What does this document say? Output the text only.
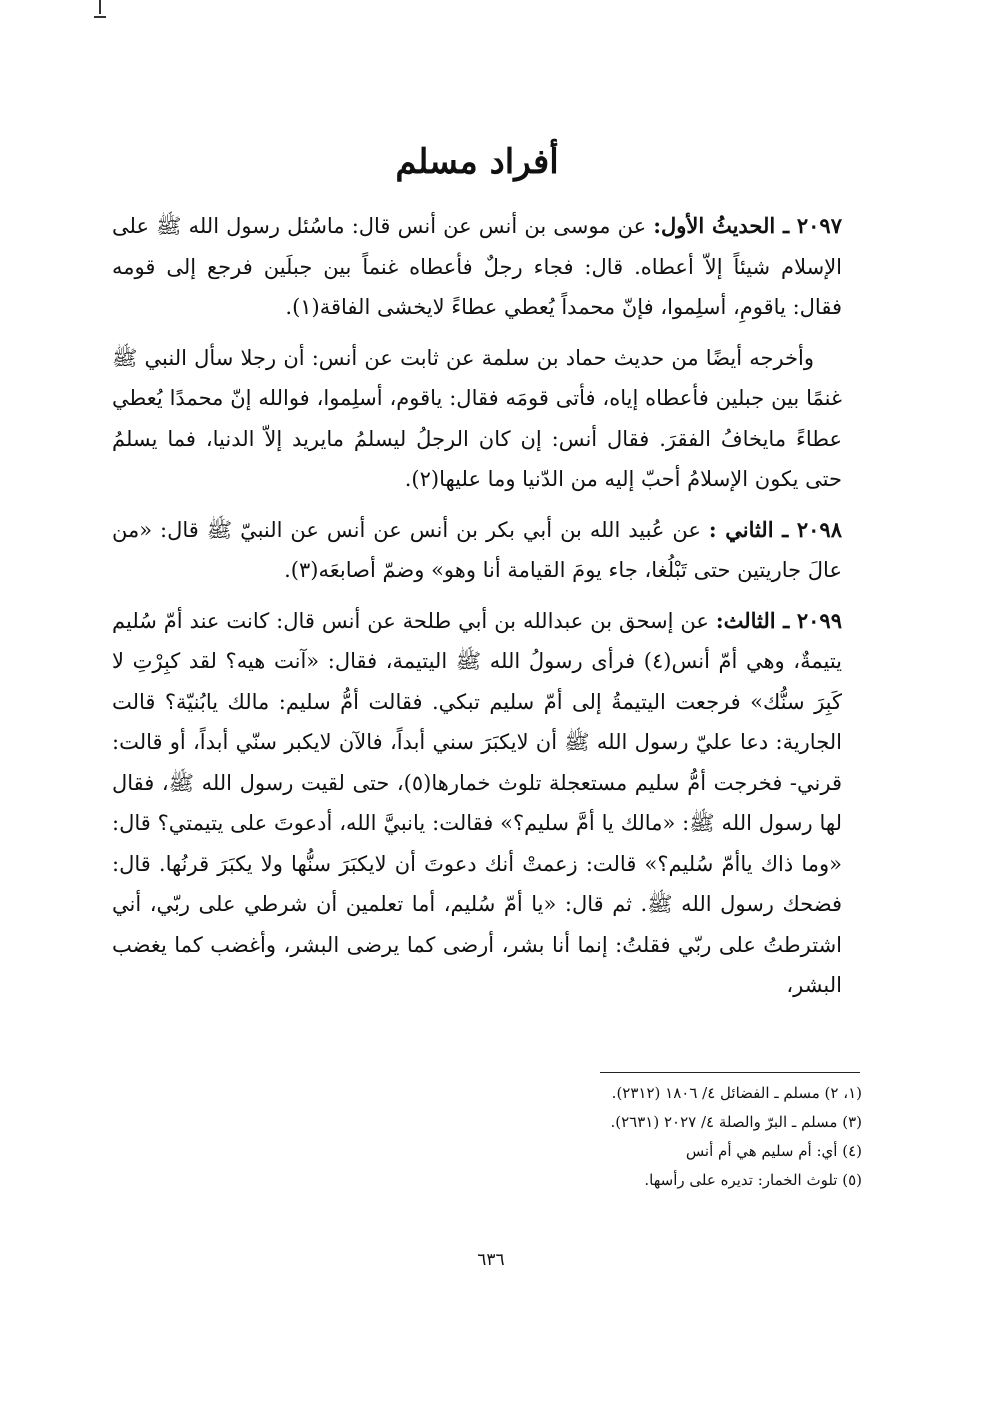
أفراد مسلم

٢٠٩٧ ـ الحديثُ الأول: عن موسى بن أنس عن أنس قال: ماسُئل رسول الله ﷺ على الإسلام شيئاً إلاّ أعطاه. قال: فجاء رجلٌ فأعطاه غنماً بين جبلَين فرجع إلى قومه فقال: ياقومِ، أسلِموا، فإنّ محمداً يُعطي عطاءً لايخشى الفاقة(١).

وأخرجه أيضًا من حديث حماد بن سلمة عن ثابت عن أنس: أن رجلا سأل النبي ﷺ غنمًا بين جبلين فأعطاه إياه، فأتى قومَه فقال: ياقوم، أسلِموا، فوالله إنّ محمدًا يُعطي عطاءً مايخافُ الفقرَ. فقال أنس: إن كان الرجلُ ليسلمُ مايريد إلاّ الدنيا، فما يسلمُ حتى يكون الإسلامُ أحبّ إليه من الدّنيا وما عليها(٢).

٢٠٩٨ ـ الثاني : عن عُبيد الله بن أبي بكر بن أنس عن أنس عن النبيّ ﷺ قال: «من عالَ جاريتين حتى تَبْلُغا، جاء يومَ القيامة أنا وهو» وضمّ أصابعَه(٣).

٢٠٩٩ ـ الثالث: عن إسحق بن عبدالله بن أبي طلحة عن أنس قال: كانت عند أمّ سُليم يتيمةٌ، وهي أمّ أنس(٤) فرأى رسولُ الله ﷺ اليتيمة، فقال: «آنت هيه؟ لقد كبِرْتِ لا كَبِرَ سنُّك» فرجعت اليتيمةُ إلى أمّ سليم تبكي. فقالت أمُّ سليم: مالك يابُنيّة؟ قالت الجارية: دعا عليّ رسول الله ﷺ أن لايكبَرَ سني أبداً، فالآن لايكبر سنّي أبداً، أو قالت: قرني- فخرجت أمُّ سليم مستعجلة تلوث خمارها(٥)، حتى لقيت رسول الله ﷺ، فقال لها رسول الله ﷺ: «مالك يا أمَّ سليم؟» فقالت: يانبيَّ الله، أدعوتَ على يتيمتي؟ قال: «وما ذاك ياأمّ سُليم؟» قالت: زعمتْ أنك دعوتَ أن لايكبَرَ سنُّها ولا يكبَرَ قرنُها. قال: فضحك رسول الله ﷺ. ثم قال: «يا أمّ سُليم، أما تعلمين أن شرطي على ربّي، أني اشترطتُ على ربّي فقلتُ: إنما أنا بشر، أرضى كما يرضى البشر، وأغضب كما يغضب البشر،

(١، ٢) مسلم ـ الفضائل ٤/ ١٨٠٦ (٢٣١٢).

(٣) مسلم ـ البرّ والصلة ٤/ ٢٠٢٧ (٢٦٣١).

(٤) أي: أم سليم هي أم أنس

(٥) تلوث الخمار: تديره على رأسها.

٦٣٦
